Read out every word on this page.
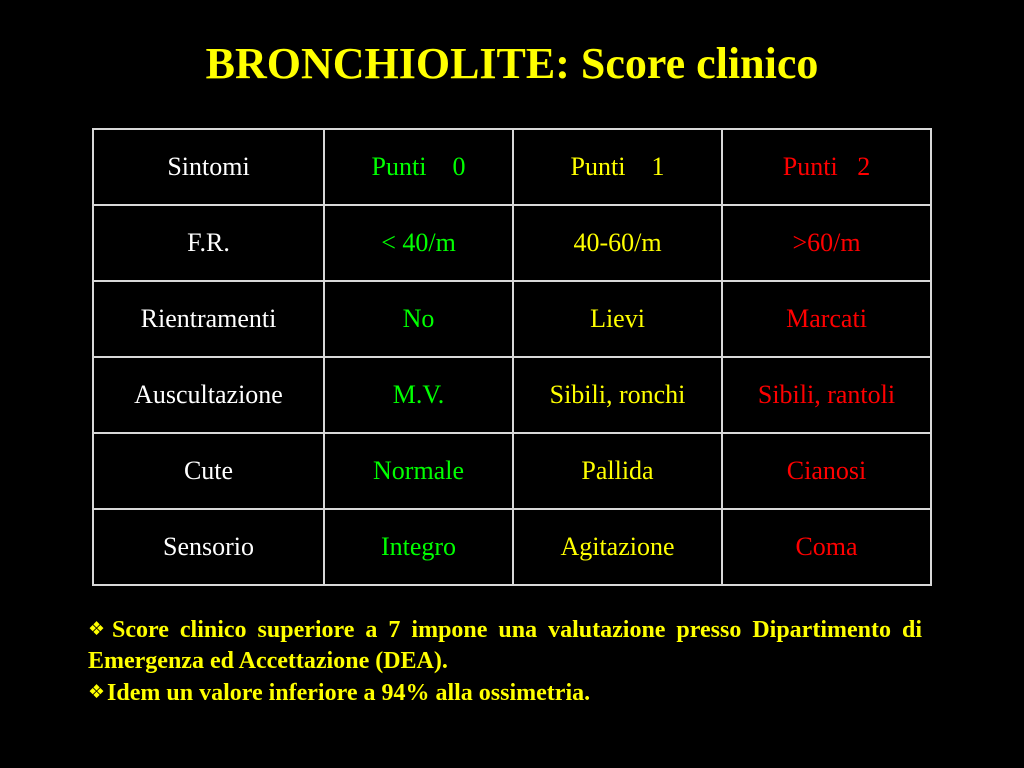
BRONCHIOLITE: Score clinico
Sintomi	Punti    0	Punti    1	Punti   2
F.R.	< 40/m	40-60/m	>60/m
Rientramenti	No	Lievi	Marcati
Auscultazione	M.V.	Sibili, ronchi	Sibili, rantoli
Cute	Normale	Pallida	Cianosi
Sensorio	Integro	Agitazione	Coma
❖Score clinico superiore a 7 impone una valutazione presso Dipartimento di Emergenza ed Accettazione (DEA).
❖Idem un valore inferiore a 94% alla ossimetria.
